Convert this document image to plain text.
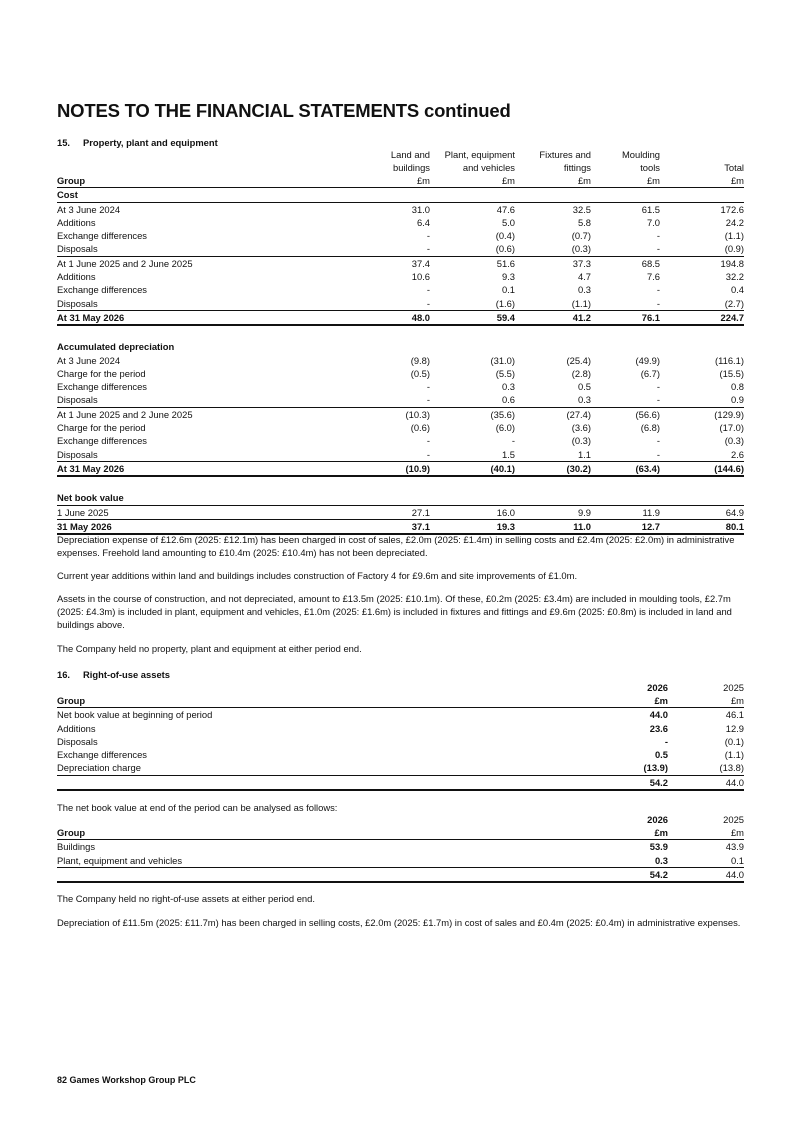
NOTES TO THE FINANCIAL STATEMENTS continued
15. Property, plant and equipment
	Land and	Plant, equipment	Fixtures and	Moulding	
	buildings	and vehicles	fittings	tools	Total
Group	£m	£m	£m	£m	£m
Cost					
At 3 June 2024	31.0	47.6	32.5	61.5	172.6
Additions	6.4	5.0	5.8	7.0	24.2
Exchange differences	-	(0.4)	(0.7)	-	(1.1)
Disposals	-	(0.6)	(0.3)	-	(0.9)
At 1 June 2025 and 2 June 2025	37.4	51.6	37.3	68.5	194.8
Additions	10.6	9.3	4.7	7.6	32.2
Exchange differences	-	0.1	0.3	-	0.4
Disposals	-	(1.6)	(1.1)	-	(2.7)
At 31 May 2026	48.0	59.4	41.2	76.1	224.7

Accumulated depreciation					
At 3 June 2024	(9.8)	(31.0)	(25.4)	(49.9)	(116.1)
Charge for the period	(0.5)	(5.5)	(2.8)	(6.7)	(15.5)
Exchange differences	-	0.3	0.5	-	0.8
Disposals	-	0.6	0.3	-	0.9
At 1 June 2025 and 2 June 2025	(10.3)	(35.6)	(27.4)	(56.6)	(129.9)
Charge for the period	(0.6)	(6.0)	(3.6)	(6.8)	(17.0)
Exchange differences	-	-	(0.3)	-	(0.3)
Disposals	-	1.5	1.1	-	2.6
At 31 May 2026	(10.9)	(40.1)	(30.2)	(63.4)	(144.6)

Net book value					
1 June 2025	27.1	16.0	9.9	11.9	64.9
31 May 2026	37.1	19.3	11.0	12.7	80.1

Depreciation expense of £12.6m (2025: £12.1m) has been charged in cost of sales, £2.0m (2025: £1.4m) in selling costs and £2.4m (2025: £2.0m) in administrative expenses. Freehold land amounting to £10.4m (2025: £10.4m) has not been depreciated.

Current year additions within land and buildings includes construction of Factory 4 for £9.6m and site improvements of £1.0m.

Assets in the course of construction, and not depreciated, amount to £13.5m (2025: £10.1m). Of these, £0.2m (2025: £3.4m) are included in moulding tools, £2.7m (2025: £4.3m) is included in plant, equipment and vehicles, £1.0m (2025: £1.6m) is included in fixtures and fittings and £9.6m (2025: £0.8m) is included in land and buildings above.

The Company held no property, plant and equipment at either period end.

16. Right-of-use assets
	2026	2025
Group	£m	£m
Net book value at beginning of period	44.0	46.1
Additions	23.6	12.9
Disposals	-	(0.1)
Exchange differences	0.5	(1.1)
Depreciation charge	(13.9)	(13.8)
	54.2	44.0

The net book value at end of the period can be analysed as follows:

	2026	2025
Group	£m	£m
Buildings	53.9	43.9
Plant, equipment and vehicles	0.3	0.1
	54.2	44.0

The Company held no right-of-use assets at either period end.

Depreciation of £11.5m (2025: £11.7m) has been charged in selling costs, £2.0m (2025: £1.7m) in cost of sales and £0.4m (2025: £0.4m) in administrative expenses.

82 Games Workshop Group PLC
